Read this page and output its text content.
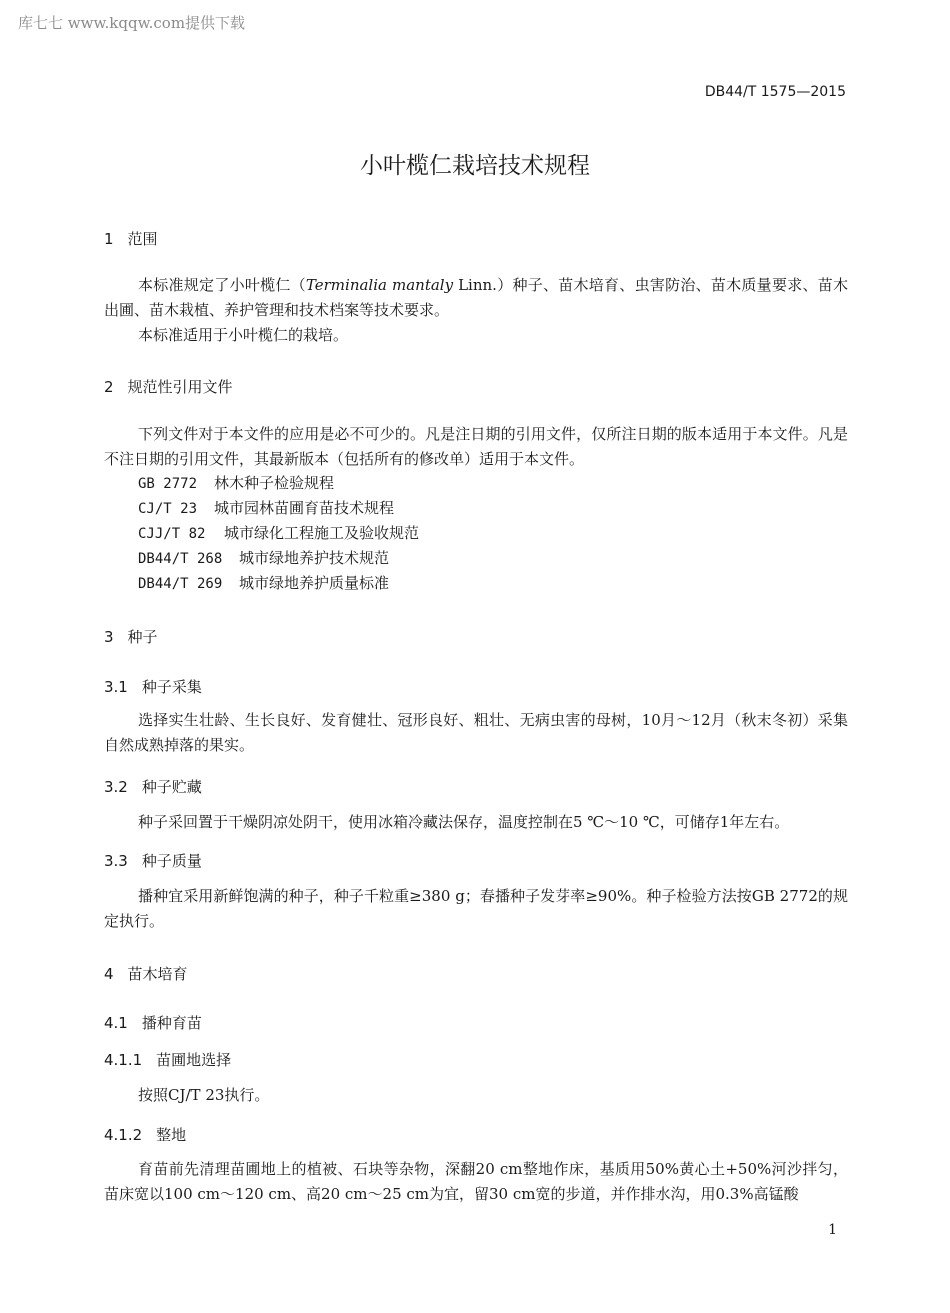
库七七 www.kqqw.com提供下载
DB44/T 1575—2015
小叶榄仁栽培技术规程
1 范围

本标准规定了小叶榄仁（Terminalia mantaly Linn.）种子、苗木培育、虫害防治、苗木质量要求、苗木出圃、苗木栽植、养护管理和技术档案等技术要求。

本标准适用于小叶榄仁的栽培。

2 规范性引用文件

下列文件对于本文件的应用是必不可少的。凡是注日期的引用文件，仅所注日期的版本适用于本文件。凡是不注日期的引用文件，其最新版本（包括所有的修改单）适用于本文件。

GB 2772 林木种子检验规程
CJ/T 23 城市园林苗圃育苗技术规程
CJJ/T 82 城市绿化工程施工及验收规范
DB44/T 268 城市绿地养护技术规范
DB44/T 269 城市绿地养护质量标准
3 种子
3.1 种子采集

选择实生壮龄、生长良好、发育健壮、冠形良好、粗壮、无病虫害的母树，10月～12月（秋末冬初）采集自然成熟掉落的果实。

3.2 种子贮藏

种子采回置于干燥阴凉处阴干，使用冰箱冷藏法保存，温度控制在5 ℃～10 ℃，可储存1年左右。

3.3 种子质量

播种宜采用新鲜饱满的种子，种子千粒重≥380 g；春播种子发芽率≥90%。种子检验方法按GB 2772的规定执行。

4 苗木培育
4.1 播种育苗
4.1.1 苗圃地选择

按照CJ/T 23执行。

4.1.2 整地

育苗前先清理苗圃地上的植被、石块等杂物，深翻20 cm整地作床，基质用50%黄心土+50%河沙拌匀，苗床宽以100 cm～120 cm、高20 cm～25 cm为宜，留30 cm宽的步道，并作排水沟，用0.3%高锰酸

1
